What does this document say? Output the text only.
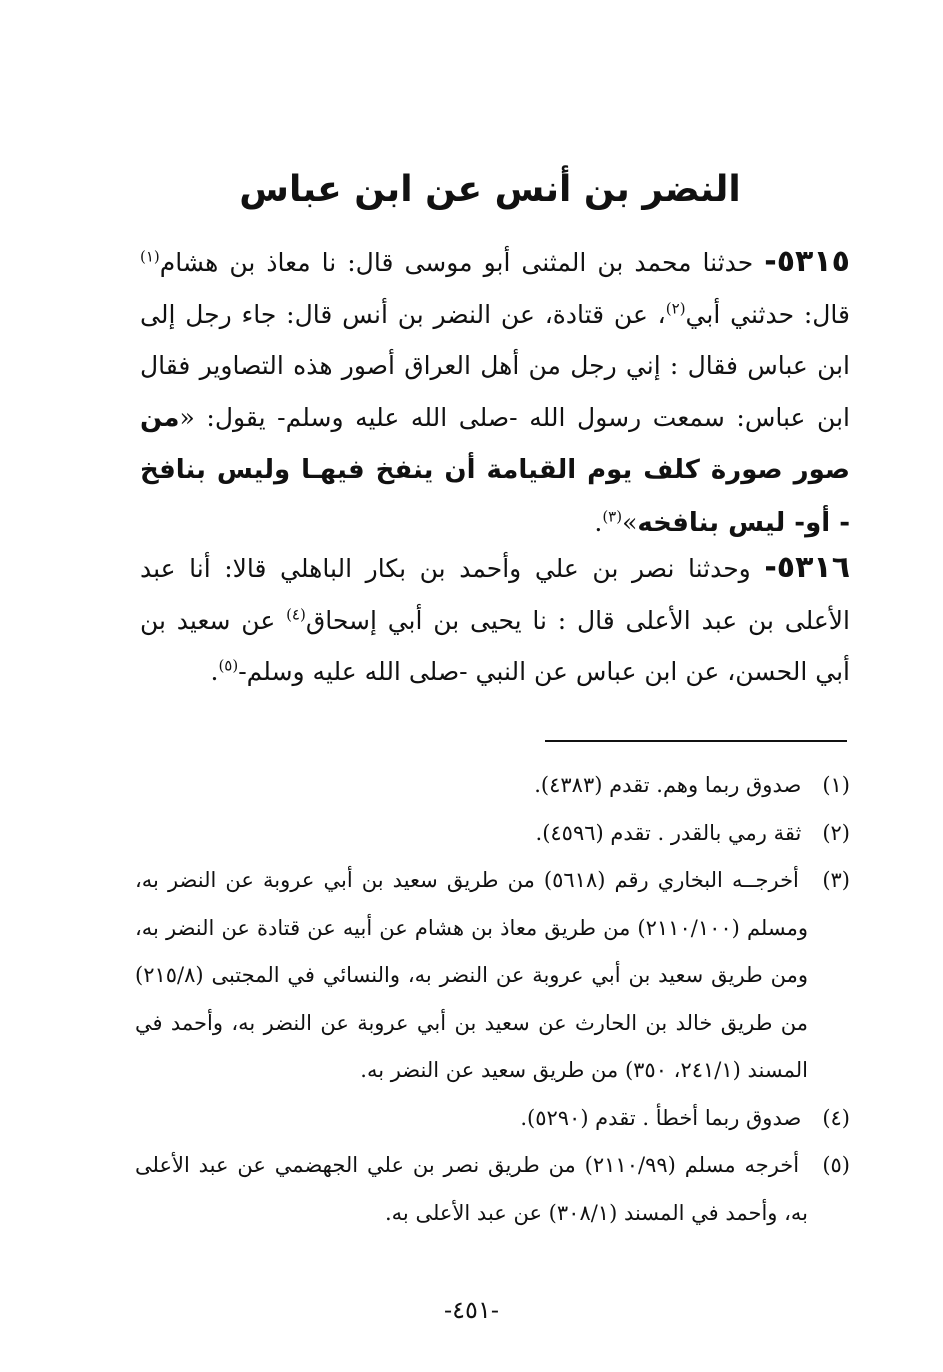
النضر بن أنس عن ابن عباس
٥٣١٥- حدثنا محمد بن المثنى أبو موسى قال: نا معاذ بن هشام$^{(١)}$ قال: حدثني أبي$^{(٢)}$، عن قتادة، عن النضر بن أنس قال: جاء رجل إلى ابن عباس فقال : إني رجل من أهل العراق أصور هذه التصاوير فقال ابن عباس: سمعت رسول الله -صلى الله عليه وسلم- يقول: «من صور صورة كلف يوم القيامة أن ينفخ فيهـا وليس بنافخ - أو- ليس بنافخه»$^{(٣)}$.
٥٣١٦- وحدثنا نصر بن علي وأحمد بن بكار الباهلي قالا: أنا عبد الأعلى بن عبد الأعلى قال : نا يحيى بن أبي إسحاق$^{(٤)}$ عن سعيد بن أبي الحسن، عن ابن عباس عن النبي -صلى الله عليه وسلم-$^{(٥)}$.

(١) صدوق ربما وهم. تقدم (٤٣٨٣).

(٢) ثقة رمي بالقدر . تقدم (٤٥٩٦).

(٣) أخرجــه البخاري رقم (٥٦١٨) من طريق سعيد بن أبي عروبة عن النضر به، ومسلم (٢١١٠/١٠٠) من طريق معاذ بن هشام عن أبيه عن قتادة عن النضر به، ومن طريق سعيد بن أبي عروبة عن النضر به، والنسائي في المجتبى (٢١٥/٨) من طريق خالد بن الحارث عن سعيد بن أبي عروبة عن النضر به، وأحمد في المسند (٢٤١/١، ٣٥٠) من طريق سعيد عن النضر به.

(٤) صدوق ربما أخطأ . تقدم (٥٢٩٠).

(٥) أخرجه مسلم (٢١١٠/٩٩) من طريق نصر بن علي الجهضمي عن عبد الأعلى به، وأحمد في المسند (٣٠٨/١) عن عبد الأعلى به.

-٤٥١-
